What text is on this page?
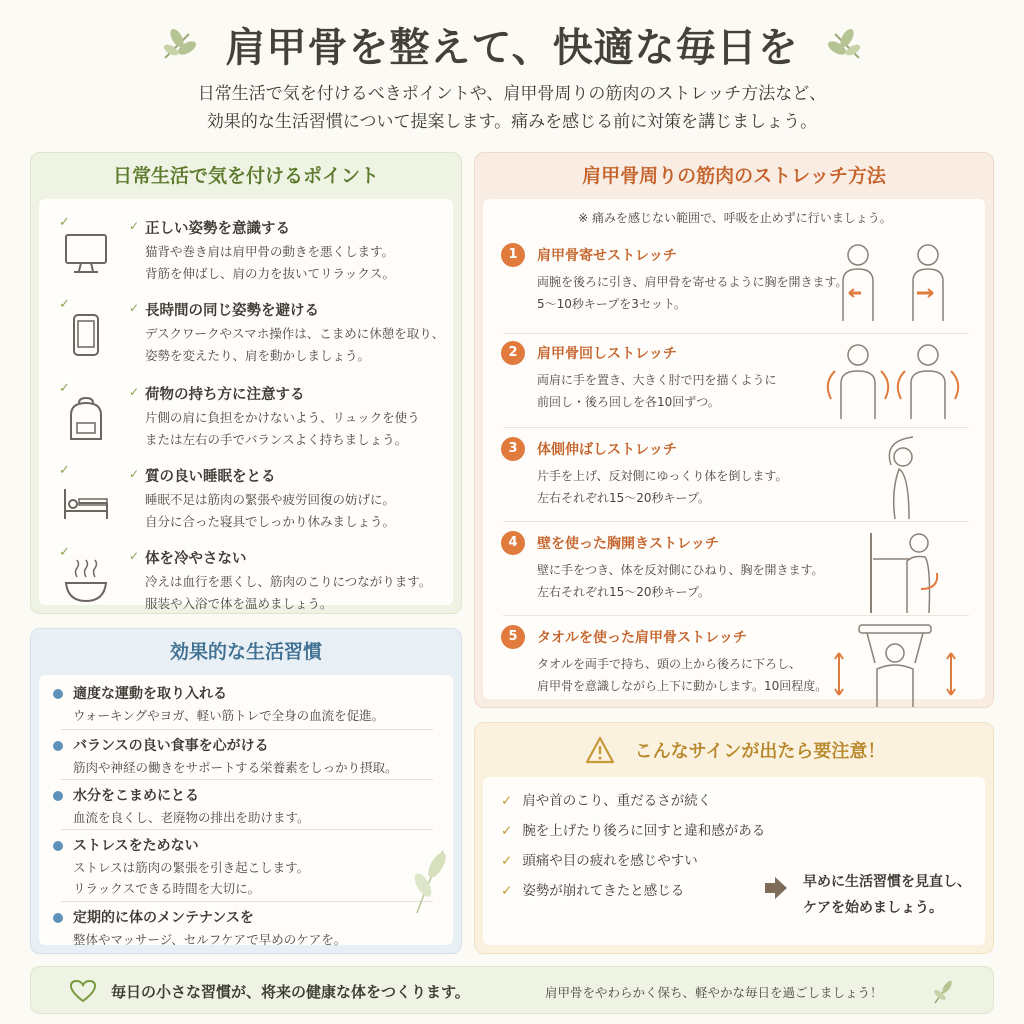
肩甲骨を整えて、快適な毎日を
日常生活で気を付けるべきポイントや、肩甲骨周りの筋肉のストレッチ方法など、
効果的な生活習慣について提案します。痛みを感じる前に対策を講じましょう。
日常生活で気を付けるポイント
✓	✓ 正しい姿勢を意識する
猫背や巻き肩は肩甲骨の動きを悪くします。
背筋を伸ばし、肩の力を抜いてリラックス。
✓	✓ 長時間の同じ姿勢を避ける
デスクワークやスマホ操作は、こまめに休憩を取り、
姿勢を変えたり、肩を動かしましょう。
✓	✓ 荷物の持ち方に注意する
片側の肩に負担をかけないよう、リュックを使う
または左右の手でバランスよく持ちましょう。
✓	✓ 質の良い睡眠をとる
睡眠不足は筋肉の緊張や疲労回復の妨げに。
自分に合った寝具でしっかり休みましょう。
✓	✓ 体を冷やさない
冷えは血行を悪くし、筋肉のこりにつながります。
服装や入浴で体を温めましょう。
効果的な生活習慣
適度な運動を取り入れる
ウォーキングやヨガ、軽い筋トレで全身の血流を促進。
バランスの良い食事を心がける
筋肉や神経の働きをサポートする栄養素をしっかり摂取。
水分をこまめにとる
血流を良くし、老廃物の排出を助けます。
ストレスをためない
ストレスは筋肉の緊張を引き起こします。
リラックスできる時間を大切に。
定期的に体のメンテナンスを
整体やマッサージ、セルフケアで早めのケアを。
肩甲骨周りの筋肉のストレッチ方法
※ 痛みを感じない範囲で、呼吸を止めずに行いましょう。
1	肩甲骨寄せストレッチ
両腕を後ろに引き、肩甲骨を寄せるように胸を開きます。
5〜10秒キープを3セット。
2	肩甲骨回しストレッチ
両肩に手を置き、大きく肘で円を描くように
前回し・後ろ回しを各10回ずつ。
3	体側伸ばしストレッチ
片手を上げ、反対側にゆっくり体を倒します。
左右それぞれ15〜20秒キープ。
4	壁を使った胸開きストレッチ
壁に手をつき、体を反対側にひねり、胸を開きます。
左右それぞれ15〜20秒キープ。
5	タオルを使った肩甲骨ストレッチ
タオルを両手で持ち、頭の上から後ろに下ろし、
肩甲骨を意識しながら上下に動かします。10回程度。
こんなサインが出たら要注意！
✓ 肩や首のこり、重だるさが続く
✓ 腕を上げたり後ろに回すと違和感がある
✓ 頭痛や目の疲れを感じやすい
✓ 姿勢が崩れてきたと感じる
早めに生活習慣を見直し、
ケアを始めましょう。
毎日の小さな習慣が、将来の健康な体をつくります。	肩甲骨をやわらかく保ち、軽やかな毎日を過ごしましょう！
